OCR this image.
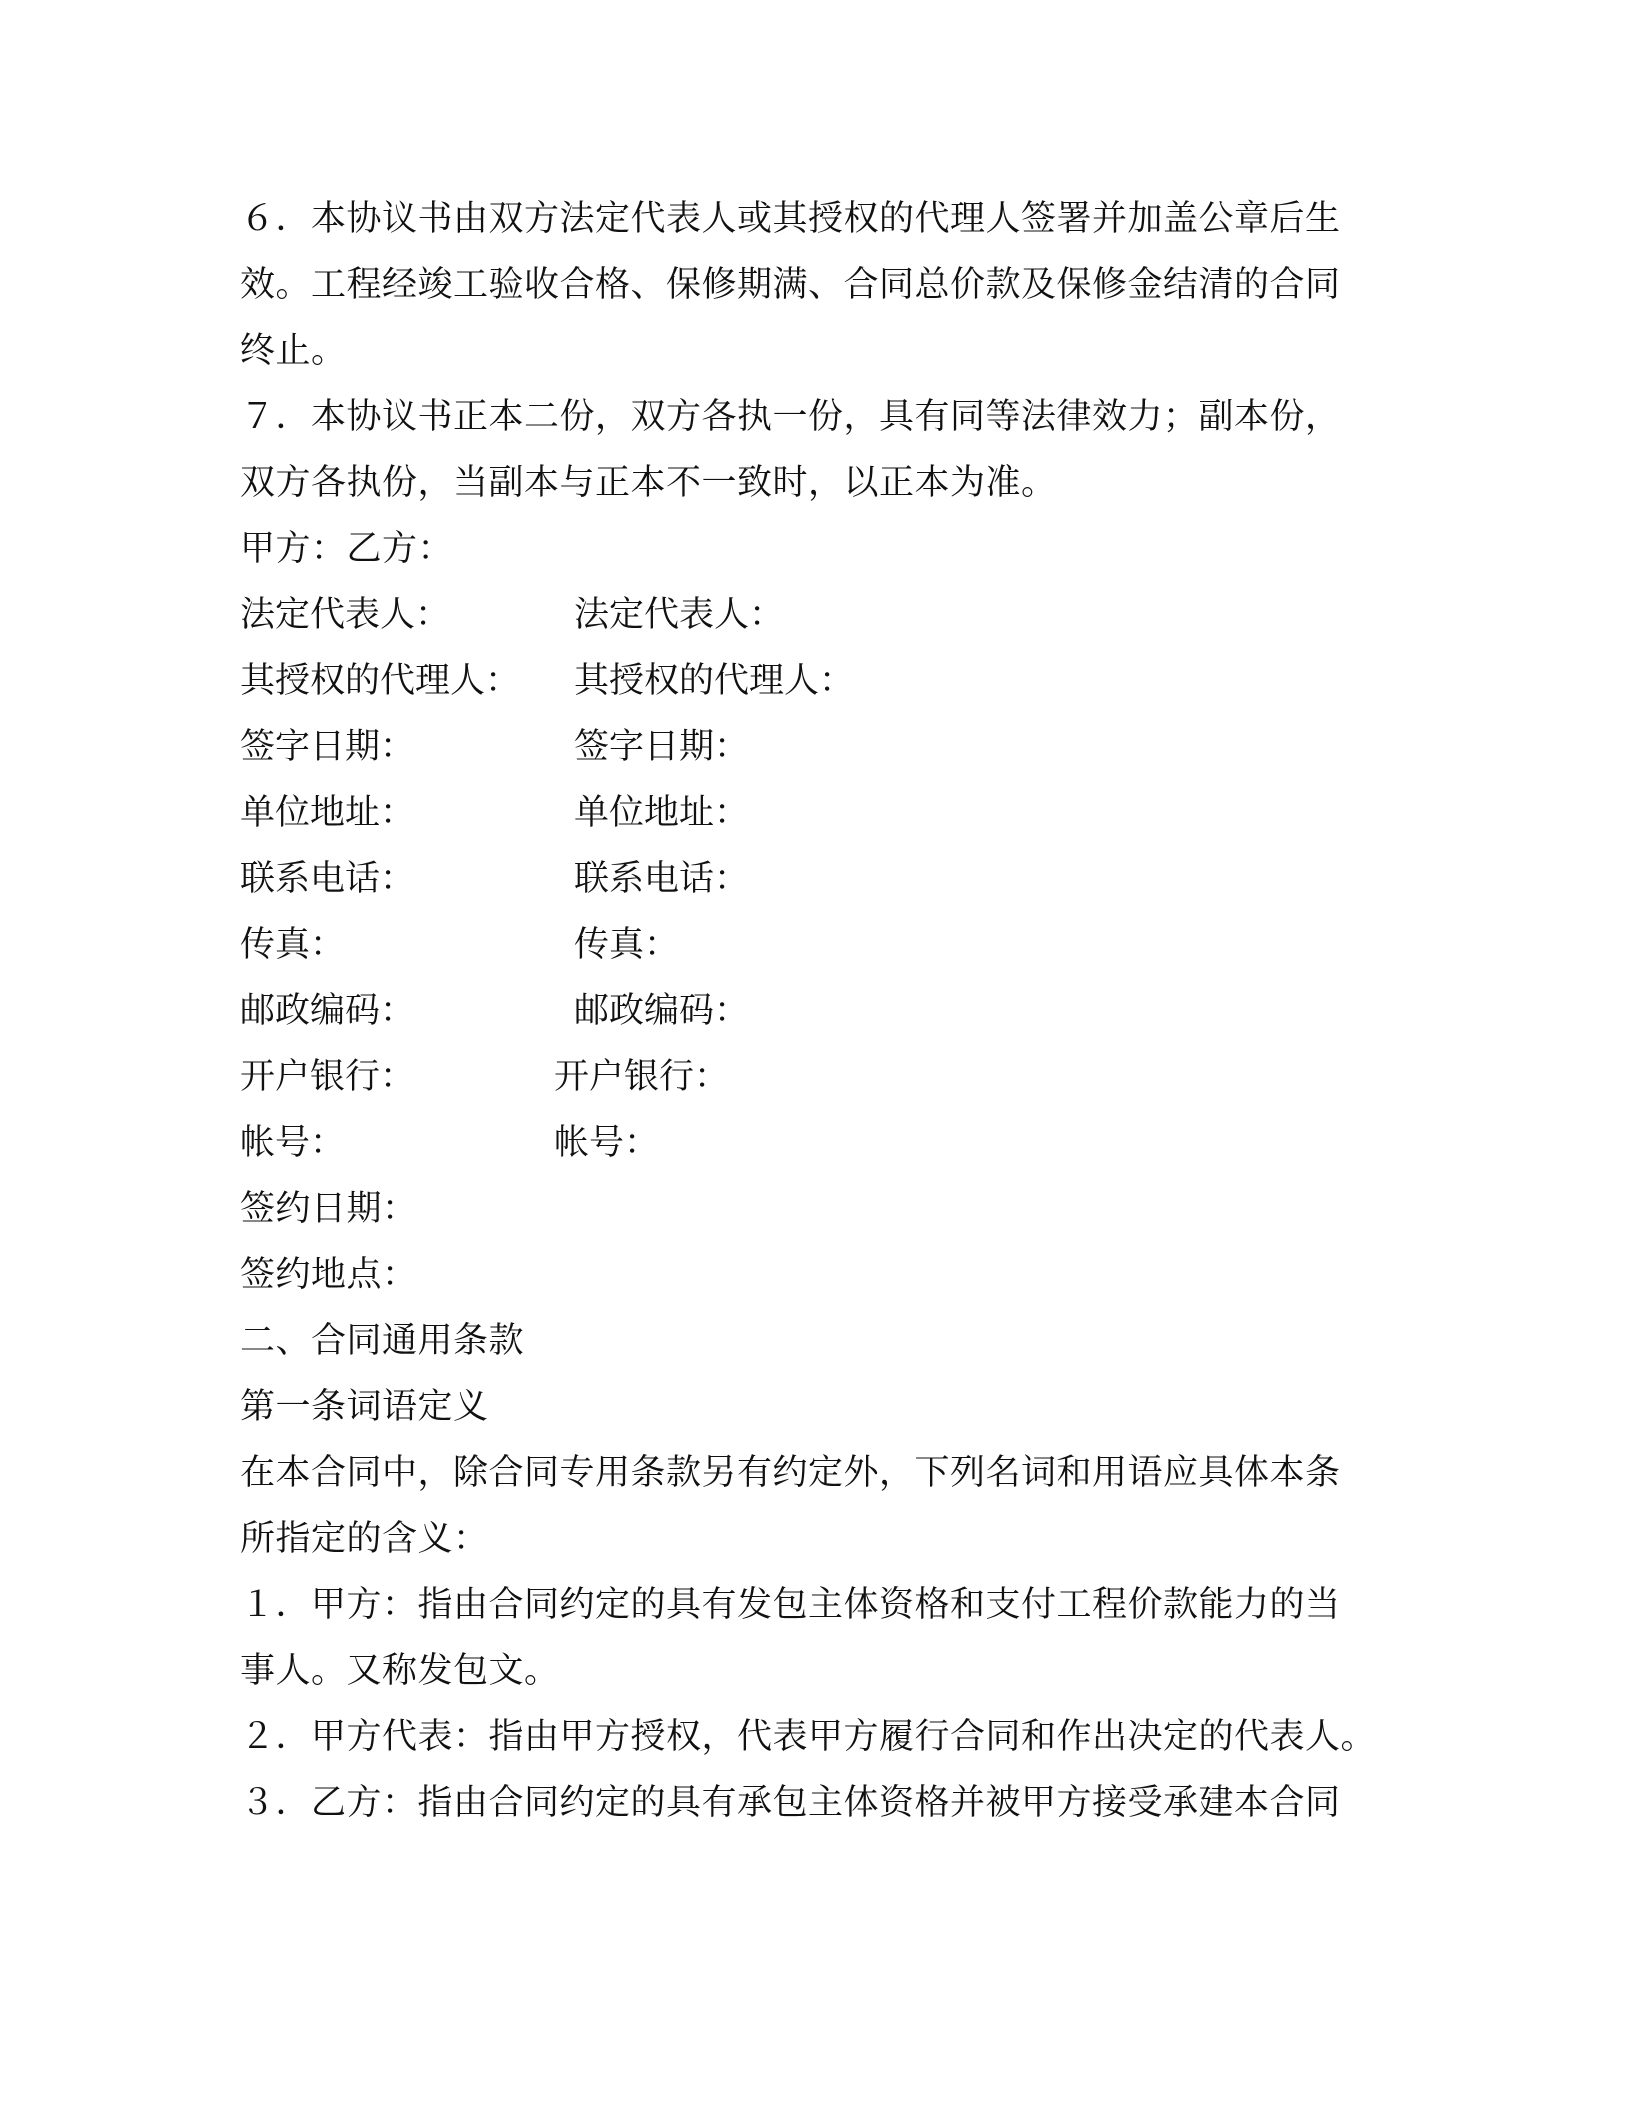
６．本协议书由双方法定代表人或其授权的代理人签署并加盖公章后生
效。工程经竣工验收合格、保修期满、合同总价款及保修金结清的合同
终止。
７．本协议书正本二份，双方各执一份，具有同等法律效力；副本份，
双方各执份，当副本与正本不一致时，以正本为准。
甲方：乙方：
法定代表人：	法定代表人：
其授权的代理人： 其授权的代理人：
签字日期：	签字日期：
单位地址：	单位地址：
联系电话：	联系电话：
传真：	传真：
邮政编码：	邮政编码：
开户银行：	开户银行：
帐号：	帐号：
签约日期：
签约地点：
二、合同通用条款
第一条词语定义
在本合同中，除合同专用条款另有约定外，下列名词和用语应具体本条
所指定的含义：
１．甲方：指由合同约定的具有发包主体资格和支付工程价款能力的当
事人。又称发包文。
２．甲方代表：指由甲方授权，代表甲方履行合同和作出决定的代表人。
３．乙方：指由合同约定的具有承包主体资格并被甲方接受承建本合同
